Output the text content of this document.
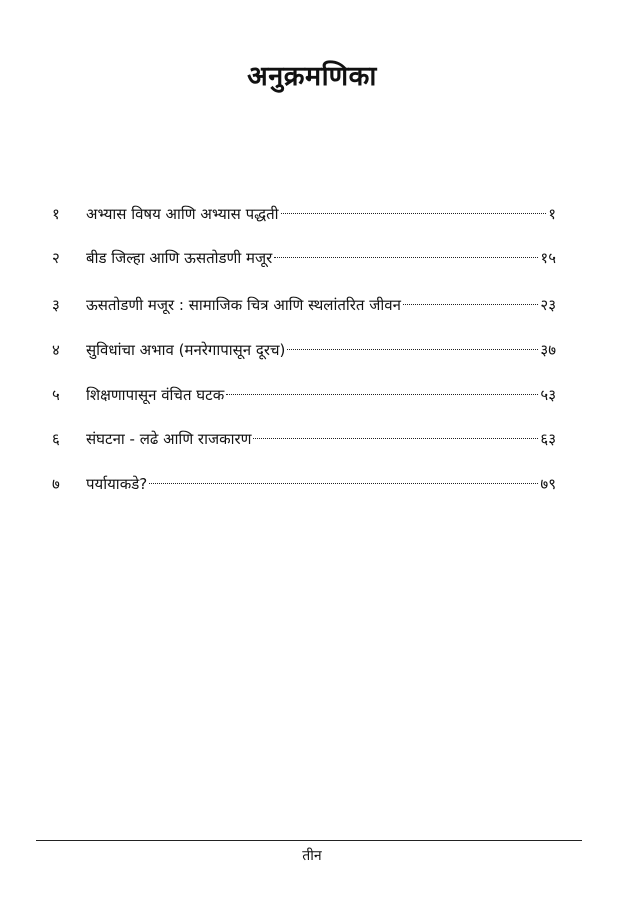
अनुक्रमणिका
१	अभ्यास विषय आणि अभ्यास पद्धती	१
२	बीड जिल्हा आणि ऊसतोडणी मजूर	१५
३	ऊसतोडणी मजूर : सामाजिक चित्र आणि स्थलांतरित जीवन	२३
४	सुविधांचा अभाव (मनरेगापासून दूरच)	३७
५	शिक्षणापासून वंचित घटक	५३
६	संघटना - लढे आणि राजकारण	६३
७	पर्यायाकडे?	७९
तीन
